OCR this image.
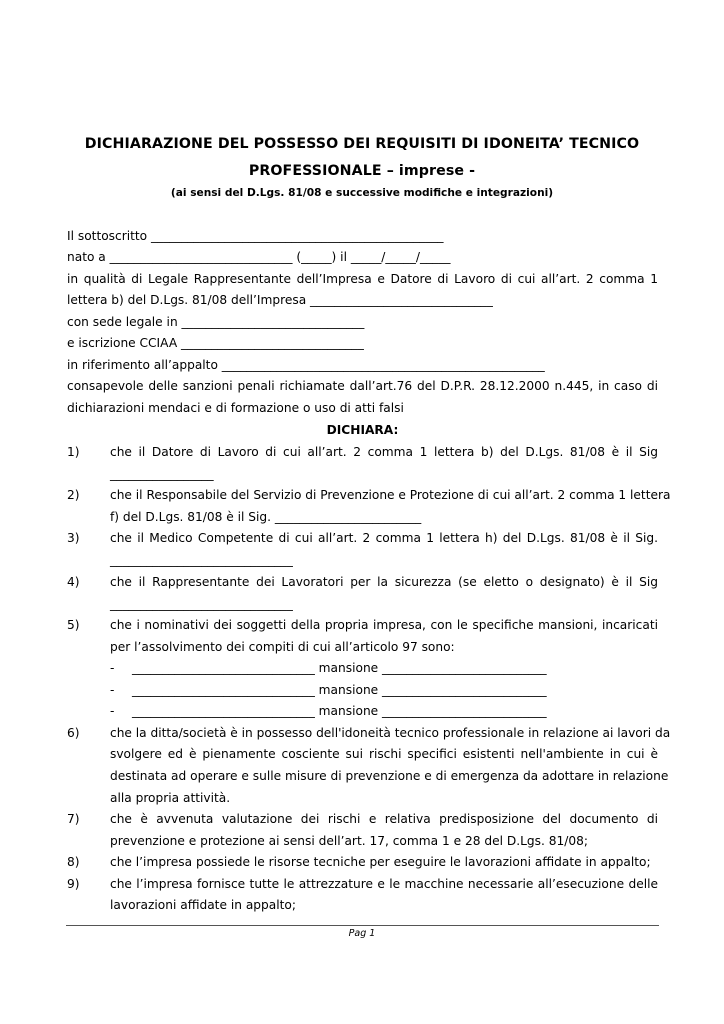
DICHIARAZIONE DEL POSSESSO DEI REQUISITI DI IDONEITA’ TECNICO
PROFESSIONALE – imprese -
(ai sensi del D.Lgs. 81/08 e successive modifiche e integrazioni)
Il sottoscritto ________________________________________________
nato a ______________________________ (_____) il _____/_____/_____
in qualità di Legale Rappresentante dell’Impresa e Datore di Lavoro di cui all’art. 2 comma 1
lettera b) del D.Lgs. 81/08 dell’Impresa ______________________________
con sede legale in ______________________________
e iscrizione CCIAA ______________________________
in riferimento all’appalto _____________________________________________________
consapevole delle sanzioni penali richiamate dall’art.76 del D.P.R. 28.12.2000 n.445, in caso di
dichiarazioni mendaci e di formazione o uso di atti falsi
DICHIARA:
1) che il Datore di Lavoro di cui all’art. 2 comma 1 lettera b) del D.Lgs. 81/08 è il Sig
_________________
2) che il Responsabile del Servizio di Prevenzione e Protezione di cui all’art. 2 comma 1 lettera
f) del D.Lgs. 81/08 è il Sig. ________________________
3) che il Medico Competente di cui all’art. 2 comma 1 lettera h) del D.Lgs. 81/08 è il Sig.
______________________________
4) che il Rappresentante dei Lavoratori per la sicurezza (se eletto o designato) è il Sig
______________________________
5) che i nominativi dei soggetti della propria impresa, con le specifiche mansioni, incaricati
per l’assolvimento dei compiti di cui all’articolo 97 sono:
- ______________________________ mansione ___________________________
- ______________________________ mansione ___________________________
- ______________________________ mansione ___________________________
6) che la ditta/società è in possesso dell'idoneità tecnico professionale in relazione ai lavori da
svolgere ed è pienamente cosciente sui rischi specifici esistenti nell'ambiente in cui è
destinata ad operare e sulle misure di prevenzione e di emergenza da adottare in relazione
alla propria attività.
7) che è avvenuta valutazione dei rischi e relativa predisposizione del documento di
prevenzione e protezione ai sensi dell’art. 17, comma 1 e 28 del D.Lgs. 81/08;
8) che l’impresa possiede le risorse tecniche per eseguire le lavorazioni affidate in appalto;
9) che l’impresa fornisce tutte le attrezzature e le macchine necessarie all’esecuzione delle
lavorazioni affidate in appalto;
Pag 1
